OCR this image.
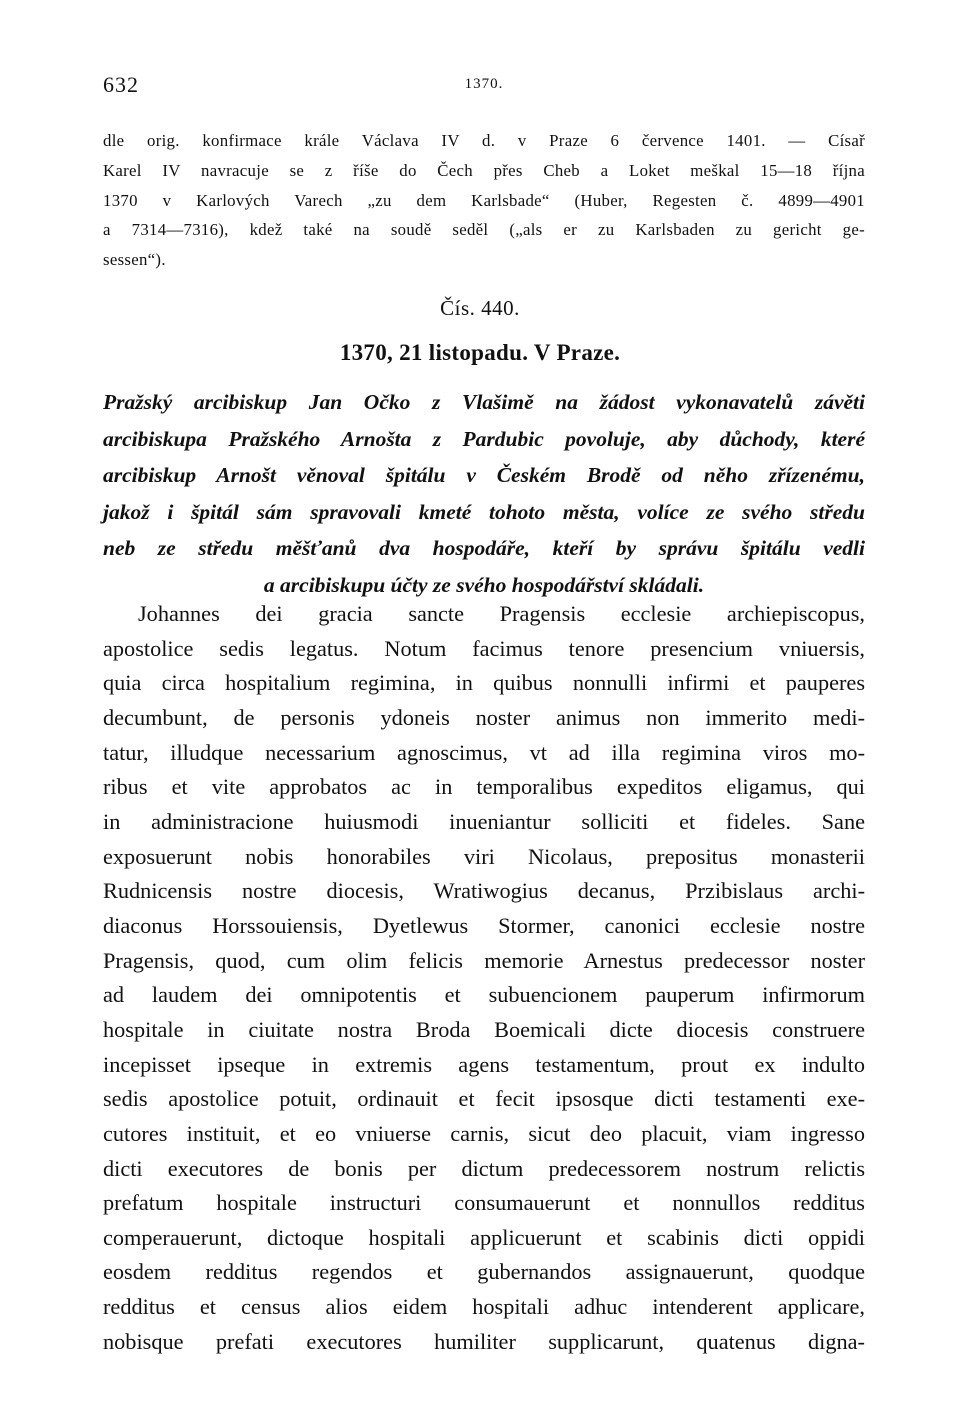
632	1370.
dle orig. konfirmace krále Václava IV d. v Praze 6 července 1401. — Císař
Karel IV navracuje se z říše do Čech přes Cheb a Loket meškal 15—18 října
1370 v Karlových Varech „zu dem Karlsbade“ (Huber, Regesten č. 4899—4901
a 7314—7316), kdež také na soudě seděl („als er zu Karlsbaden zu gericht ge-
sessen“).
Čís. 440.
1370, 21 listopadu. V Praze.
Pražský arcibiskup Jan Očko z Vlašimě na žádost vykonavatelů závěti
arcibiskupa Pražského Arnošta z Pardubic povoluje, aby důchody, které
arcibiskup Arnošt věnoval špitálu v Českém Brodě od něho zřízenému,
jakož i špitál sám spravovali kmeté tohoto města, volíce ze svého středu
neb ze středu měšťanů dva hospodáře, kteří by správu špitálu vedli
a arcibiskupu účty ze svého hospodářství skládali.
Johannes dei gracia sancte Pragensis ecclesie archiepiscopus,
apostolice sedis legatus. Notum facimus tenore presencium vniuersis,
quia circa hospitalium regimina, in quibus nonnulli infirmi et pauperes
decumbunt, de personis ydoneis noster animus non immerito medi-
tatur, illudque necessarium agnoscimus, vt ad illa regimina viros mo-
ribus et vite approbatos ac in temporalibus expeditos eligamus, qui
in administracione huiusmodi inueniantur solliciti et fideles. Sane
exposuerunt nobis honorabiles viri Nicolaus, prepositus monasterii
Rudnicensis nostre diocesis, Wratiwogius decanus, Przibislaus archi-
diaconus Horssouiensis, Dyetlewus Stormer, canonici ecclesie nostre
Pragensis, quod, cum olim felicis memorie Arnestus predecessor noster
ad laudem dei omnipotentis et subuencionem pauperum infirmorum
hospitale in ciuitate nostra Broda Boemicali dicte diocesis construere
incepisset ipseque in extremis agens testamentum, prout ex indulto
sedis apostolice potuit, ordinauit et fecit ipsosque dicti testamenti exe-
cutores instituit, et eo vniuerse carnis, sicut deo placuit, viam ingresso
dicti executores de bonis per dictum predecessorem nostrum relictis
prefatum hospitale instructuri consumauerunt et nonnullos redditus
comperauerunt, dictoque hospitali applicuerunt et scabinis dicti oppidi
eosdem redditus regendos et gubernandos assignauerunt, quodque
redditus et census alios eidem hospitali adhuc intenderent applicare,
nobisque prefati executores humiliter supplicarunt, quatenus digna-
